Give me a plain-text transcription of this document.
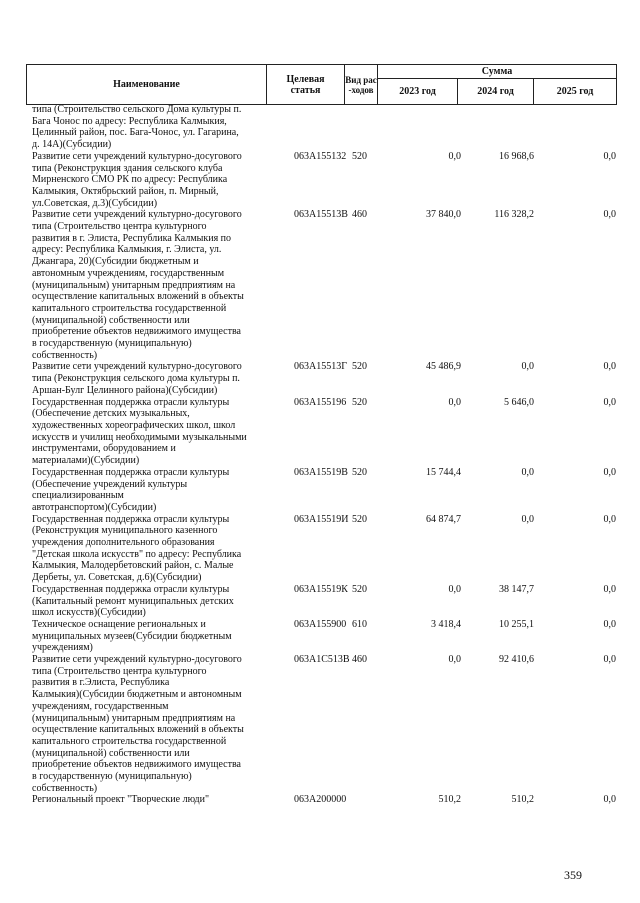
Наименование	Целевая статья	Вид рас-ходов	Сумма		
			2023 год	2024 год	2025 год
типа (Строительство сельского Дома культуры п.
Бага Чонос по адресу: Республика Калмыкия,
Целинный район, пос. Бага-Чонос, ул. Гагарина,
д. 14А)(Субсидии)
Развитие сети учреждений культурно-досугового
типа (Реконструкция здания сельского клуба
Мирненского СМО РК по адресу: Республика
Калмыкия, Октябрьский район, п. Мирный,
ул.Советская, д.3)(Субсидии)
063A155132 520	0,0	16 968,6	0,0
Развитие сети учреждений культурно-досугового
типа (Строительство центра культурного
развития в г. Элиста, Республика Калмыкия по
адресу: Республика Калмыкия, г. Элиста, ул.
Джангара, 20)(Субсидии бюджетным и
автономным учреждениям, государственным
(муниципальным) унитарным предприятиям на
осуществление капитальных вложений в объекты
капитального строительства государственной
(муниципальной) собственности или
приобретение объектов недвижимого имущества
в государственную (муниципальную)
собственность)
063A15513В 460	37 840,0	116 328,2	0,0
Развитие сети учреждений культурно-досугового
типа (Реконструкция сельского дома культуры п.
Аршан-Булг Целинного района)(Субсидии)
063A15513Г 520	45 486,9	0,0	0,0
Государственная поддержка отрасли культуры
(Обеспечение детских музыкальных,
художественных хореографических школ, школ
искусств и училищ необходимыми музыкальными
инструментами, оборудованием и
материалами)(Субсидии)
063A155196 520	0,0	5 646,0	0,0
Государственная поддержка отрасли культуры
(Обеспечение учреждений культуры
специализированным
автотранспортом)(Субсидии)
063A15519В 520	15 744,4	0,0	0,0
Государственная поддержка отрасли культуры
(Реконструкция муниципального казенного
учреждения дополнительного образования
"Детская школа искусств" по адресу: Республика
Калмыкия, Малодербетовский район, с. Малые
Дербеты, ул. Советская, д.6)(Субсидии)
063A15519И 520	64 874,7	0,0	0,0
Государственная поддержка отрасли культуры
(Капитальный ремонт муниципальных детских
школ искусств)(Субсидии)
063A15519К 520	0,0	38 147,7	0,0
Техническое оснащение региональных и
муниципальных музеев(Субсидии бюджетным
учреждениям)
063A155900 610	3 418,4	10 255,1	0,0
Развитие сети учреждений культурно-досугового
типа (Строительство центра культурного
развития в г.Элиста, Республика
Калмыкия)(Субсидии бюджетным и автономным
учреждениям, государственным
(муниципальным) унитарным предприятиям на
осуществление капитальных вложений в объекты
капитального строительства государственной
(муниципальной) собственности или
приобретение объектов недвижимого имущества
в государственную (муниципальную)
собственность)
063A1С513В 460	0,0	92 410,6	0,0
Региональный проект "Творческие люди"	063A200000	510,2	510,2	0,0
359
